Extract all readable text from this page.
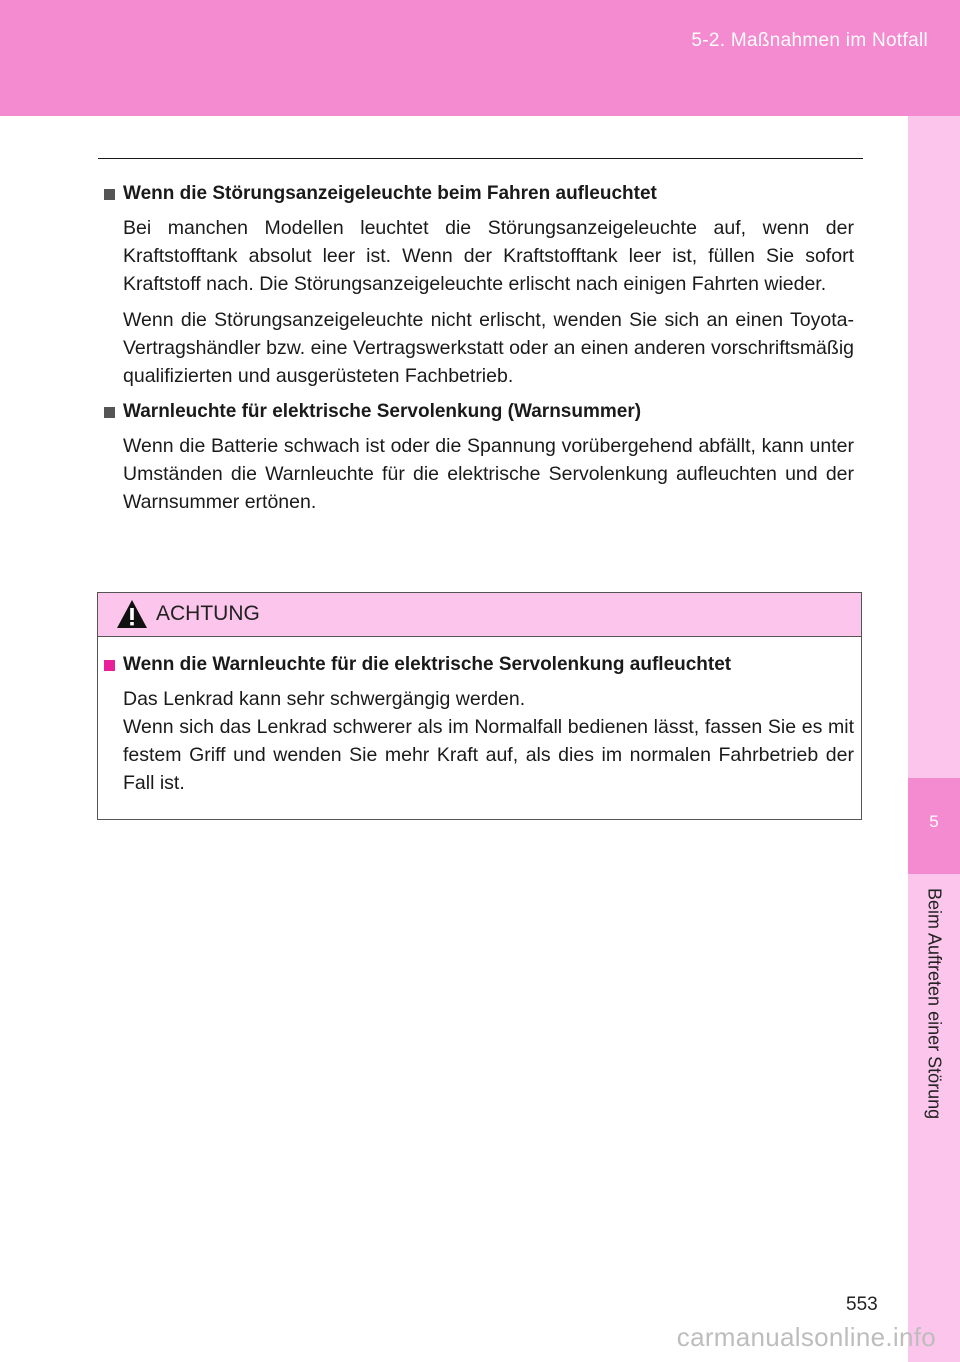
5-2. Maßnahmen im Notfall
5
Beim Auftreten einer Störung
Wenn die Störungsanzeigeleuchte beim Fahren aufleuchtet

Bei manchen Modellen leuchtet die Störungsanzeigeleuchte auf, wenn der Kraftstofftank absolut leer ist. Wenn der Kraftstofftank leer ist, füllen Sie sofort Kraftstoff nach. Die Störungsanzeigeleuchte erlischt nach einigen Fahrten wieder.

Wenn die Störungsanzeigeleuchte nicht erlischt, wenden Sie sich an einen Toyota-Vertragshändler bzw. eine Vertragswerkstatt oder an einen anderen vorschriftsmäßig qualifizierten und ausgerüsteten Fachbetrieb.

Warnleuchte für elektrische Servolenkung (Warnsummer)

Wenn die Batterie schwach ist oder die Spannung vorübergehend abfällt, kann unter Umständen die Warnleuchte für die elektrische Servolenkung aufleuchten und der Warnsummer ertönen.

ACHTUNG
Wenn die Warnleuchte für die elektrische Servolenkung aufleuchtet

Das Lenkrad kann sehr schwergängig werden.

Wenn sich das Lenkrad schwerer als im Normalfall bedienen lässt, fassen Sie es mit festem Griff und wenden Sie mehr Kraft auf, als dies im normalen Fahrbetrieb der Fall ist.

553
carmanualsonline.info
